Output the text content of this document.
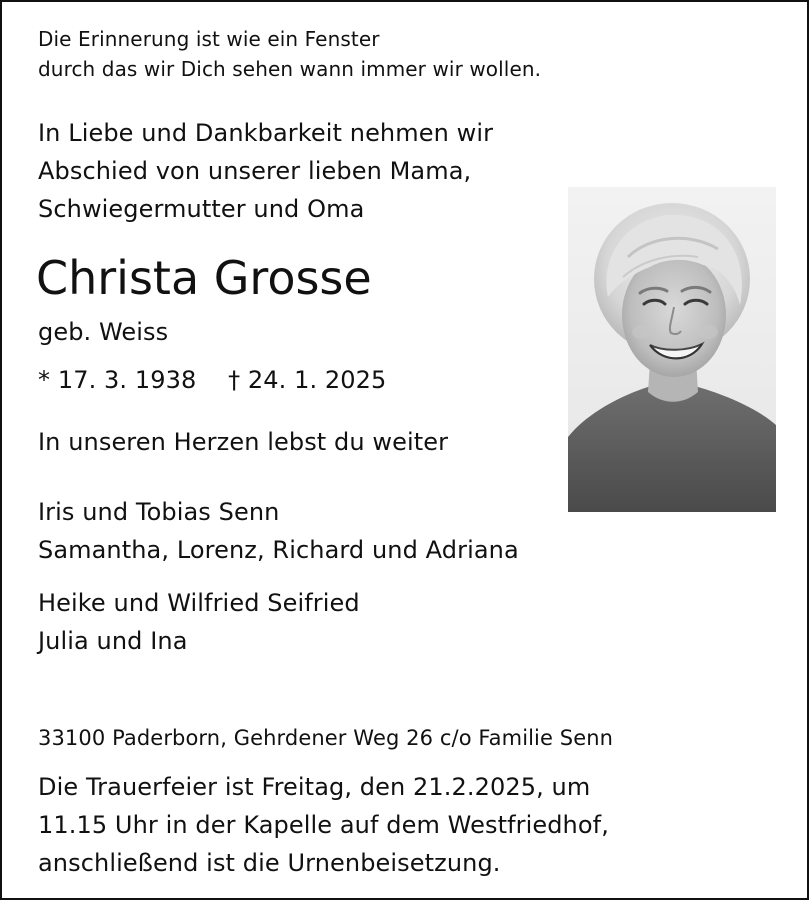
Die Erinnerung ist wie ein Fenster
durch das wir Dich sehen wann immer wir wollen.
In Liebe und Dankbarkeit nehmen wir
Abschied von unserer lieben Mama,
Schwiegermutter und Oma
Christa Grosse
geb. Weiss
* 17. 3. 1938 † 24. 1. 2025
In unseren Herzen lebst du weiter
Iris und Tobias Senn
Samantha, Lorenz, Richard und Adriana
Heike und Wilfried Seifried
Julia und Ina
33100 Paderborn, Gehrdener Weg 26 c/o Familie Senn
Die Trauerfeier ist Freitag, den 21.2.2025, um
11.15 Uhr in der Kapelle auf dem Westfriedhof,
anschließend ist die Urnenbeisetzung.
